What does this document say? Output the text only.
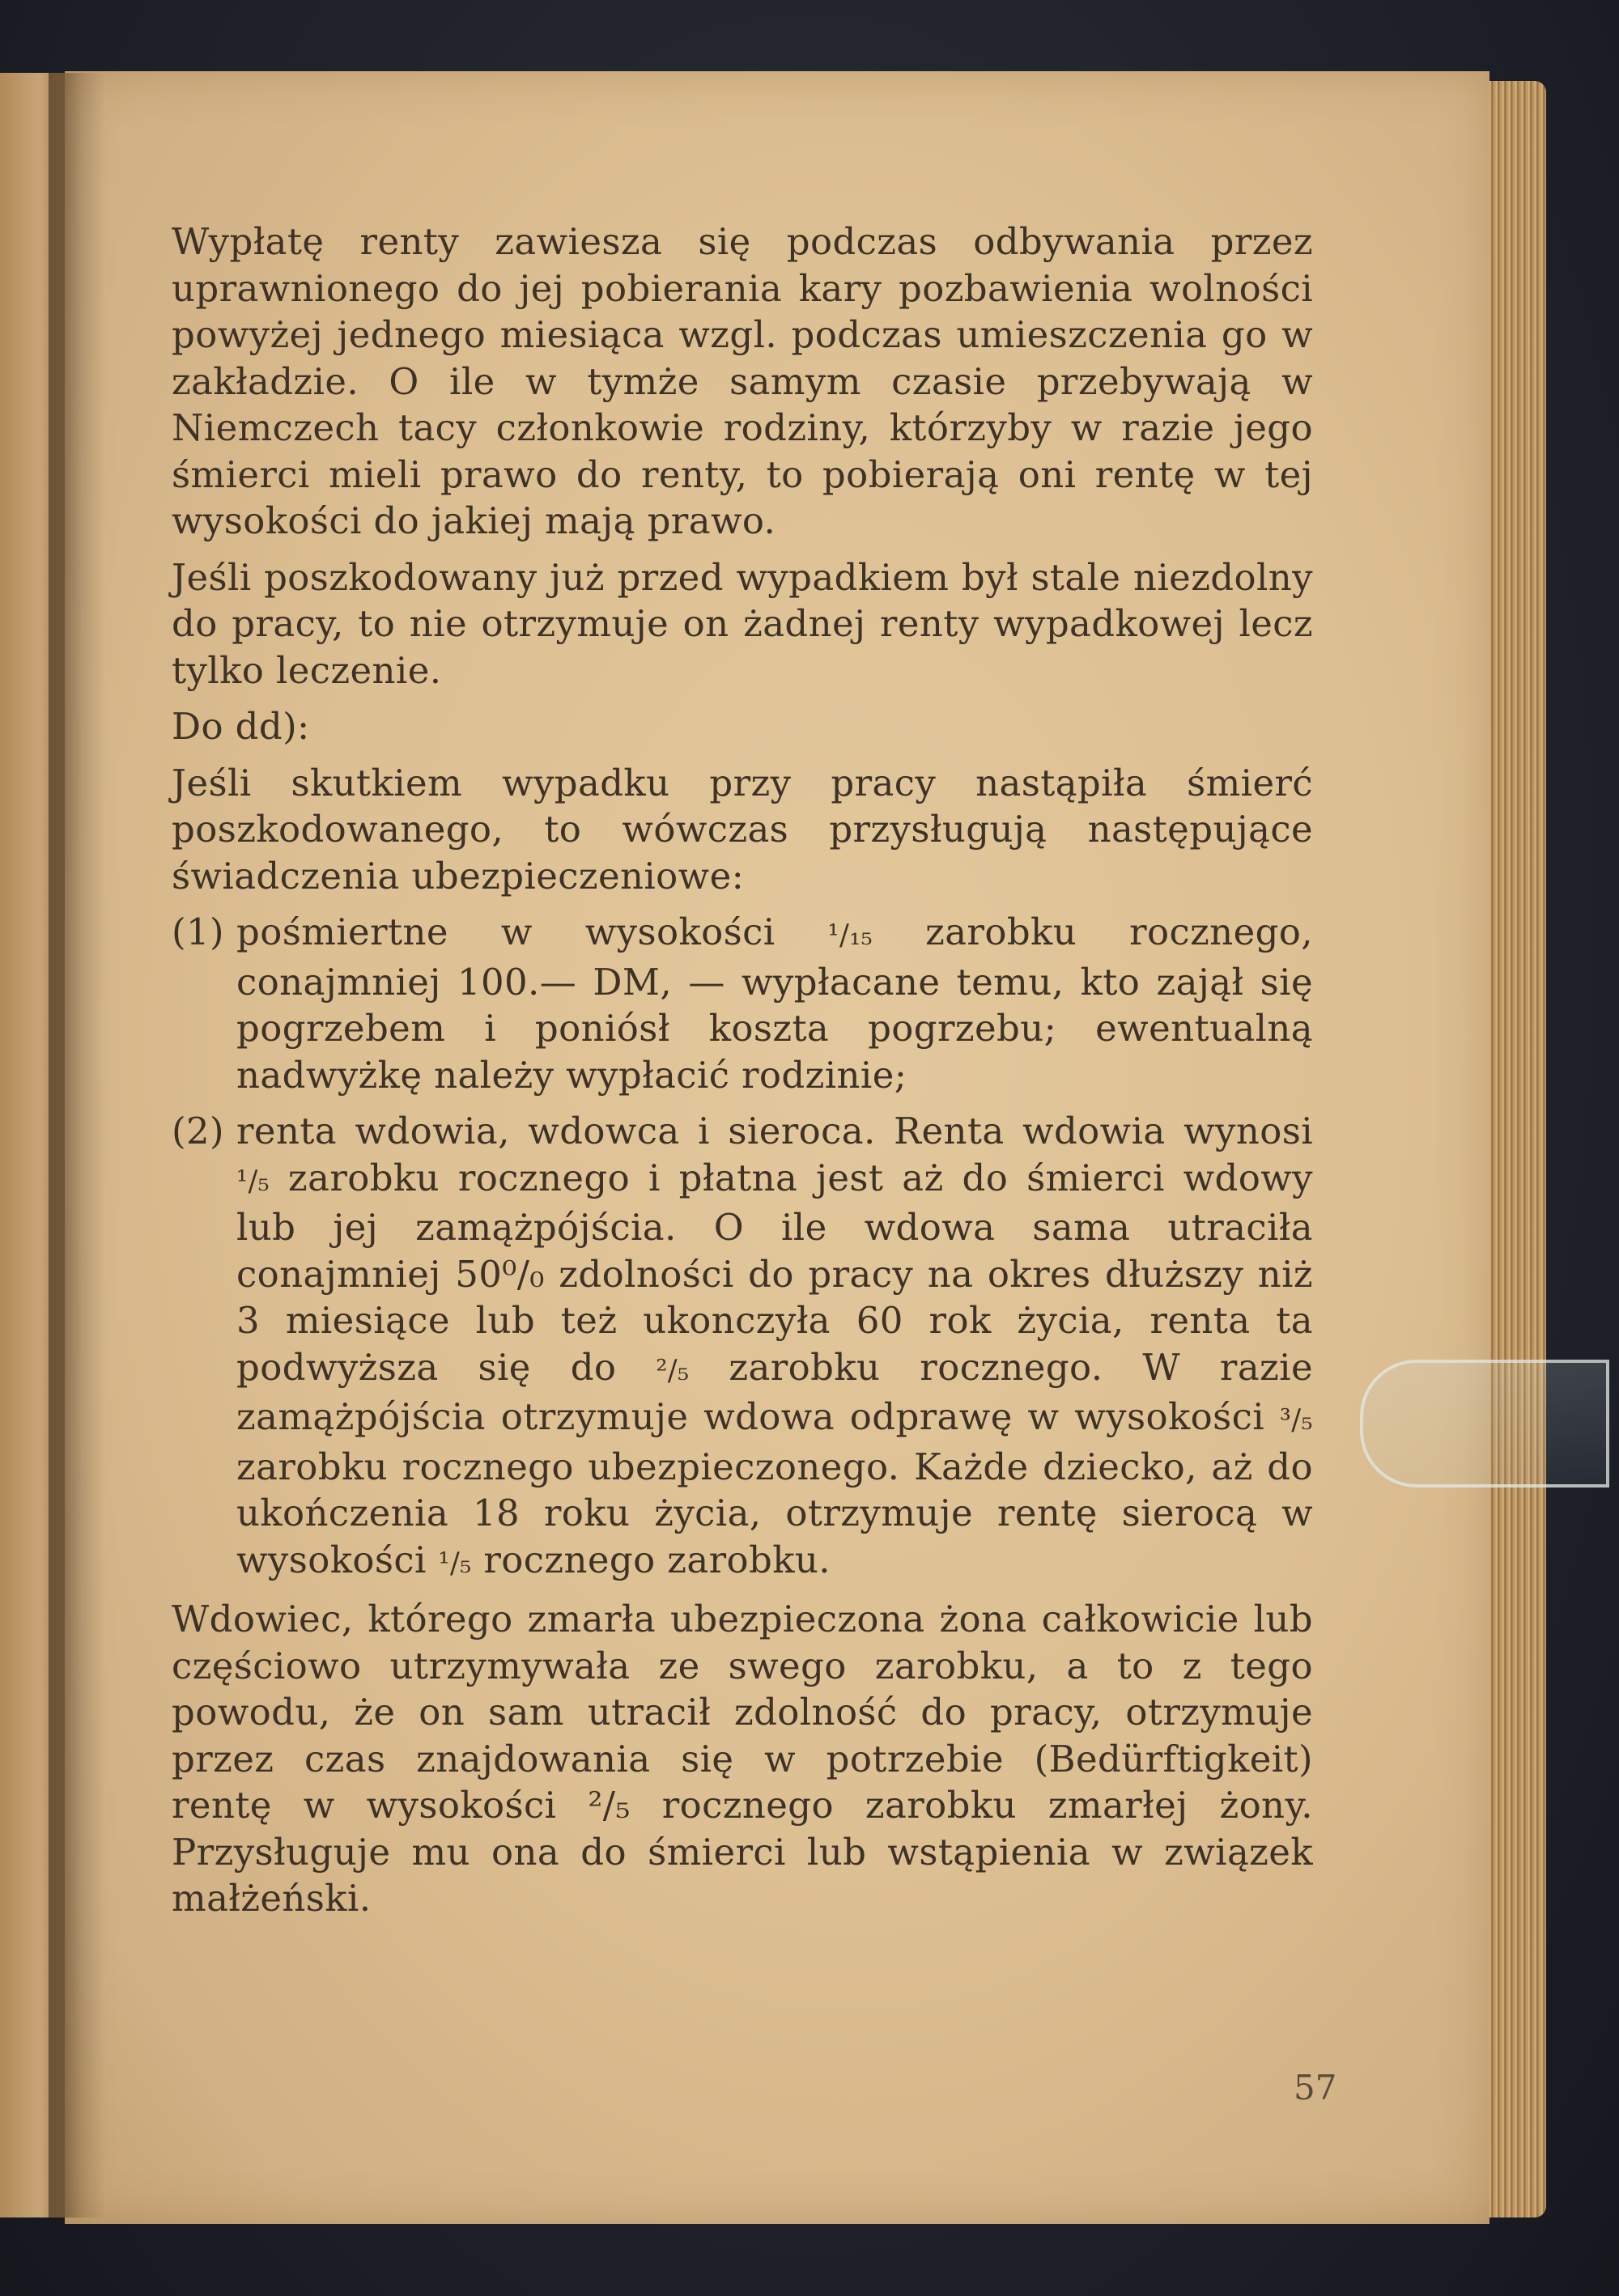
Wypłatę renty zawiesza się podczas odbywania przez uprawnionego do jej pobierania kary pozbawienia wolności powyżej jednego miesiąca wzgl. podczas umieszczenia go w zakładzie. O ile w tymże samym czasie przebywają w Niemczech tacy członkowie rodziny, którzyby w razie jego śmierci mieli prawo do renty, to pobierają oni rentę w tej wysokości do jakiej mają prawo.

Jeśli poszkodowany już przed wypadkiem był stale niezdolny do pracy, to nie otrzymuje on żadnej renty wypadkowej lecz tylko leczenie.

Do dd):

Jeśli skutkiem wypadku przy pracy nastąpiła śmierć poszkodowanego, to wówczas przysługują następujące świadczenia ubezpieczeniowe:

(1) pośmiertne w wysokości ¹/₁₅ zarobku rocznego, conajmniej 100.— DM, — wypłacane temu, kto zajął się pogrzebem i poniósł koszta pogrzebu; ewentualną nadwyżkę należy wypłacić rodzinie;
(2) renta wdowia, wdowca i sieroca. Renta wdowia wynosi ¹/₅ zarobku rocznego i płatna jest aż do śmierci wdowy lub jej zamążpójścia. O ile wdowa sama utraciła conajmniej 50⁰/₀ zdolności do pracy na okres dłuższy niż 3 miesiące lub też ukonczyła 60 rok życia, renta ta podwyższa się do ²/₅ zarobku rocznego. W razie zamążpójścia otrzymuje wdowa odprawę w wysokości ³/₅ zarobku rocznego ubezpieczonego. Każde dziecko, aż do ukończenia 18 roku życia, otrzymuje rentę sierocą w wysokości ¹/₅ rocznego zarobku.

Wdowiec, którego zmarła ubezpieczona żona całkowicie lub częściowo utrzymywała ze swego zarobku, a to z tego powodu, że on sam utracił zdolność do pracy, otrzymuje przez czas znajdowania się w potrzebie (Bedürftigkeit) rentę w wysokości ²/₅ rocznego zarobku zmarłej żony. Przysługuje mu ona do śmierci lub wstąpienia w związek małżeński.

57
